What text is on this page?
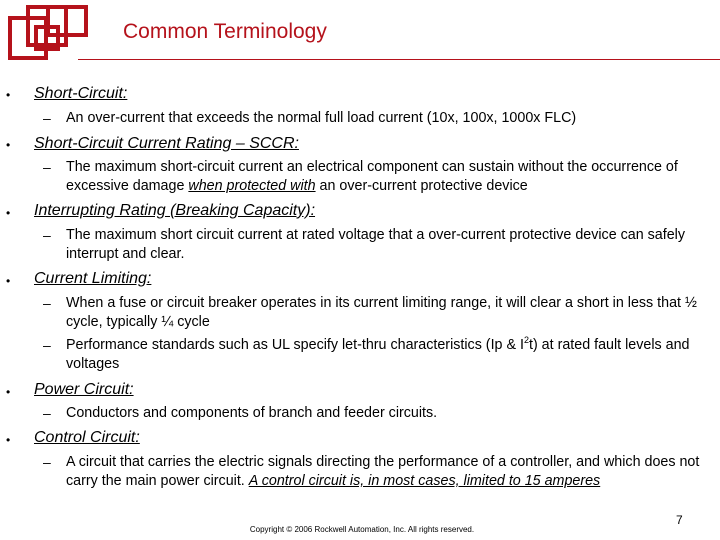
Common Terminology
• Short-Circuit:
– An over-current that exceeds the normal full load current (10x, 100x, 1000x FLC)
• Short-Circuit Current Rating – SCCR:
– The maximum short-circuit current an electrical component can sustain without the occurrence of excessive damage when protected with an over-current protective device
• Interrupting Rating (Breaking Capacity):
– The maximum short circuit current at rated voltage that a over-current protective device can safely interrupt and clear.
• Current Limiting:
– When a fuse or circuit breaker operates in its current limiting range, it will clear a short in less that ½ cycle, typically ¼ cycle
– Performance standards such as UL specify let-thru characteristics (Ip & $I^2t$) at rated fault levels and voltages
• Power Circuit:
– Conductors and components of branch and feeder circuits.
• Control Circuit:
– A circuit that carries the electric signals directing the performance of a controller, and which does not carry the main power circuit. A control circuit is, in most cases, limited to 15 amperes
7
Copyright © 2006 Rockwell Automation, Inc. All rights reserved.
